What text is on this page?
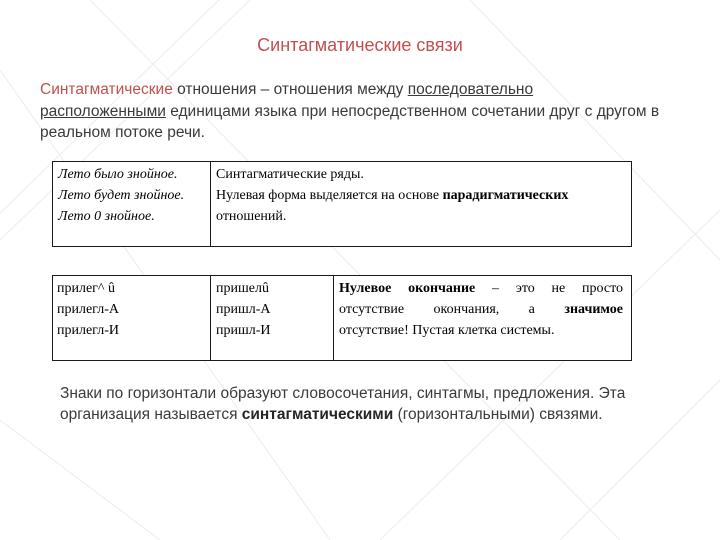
Синтагматические связи
Синтагматические отношения – отношения между последовательно расположенными единицами языка при непосредственном сочетании друг с другом в реальном потоке речи.
Лето было знойное.
Лето будет знойное.
Лето 0 знойное.
Синтагматические ряды.
Нулевая форма выделяется на основе парадигматических
отношений.
прилег^ û
прилегл-А
прилегл-И
пришелû
пришл-А
пришл-И
Нулевое окончание – это не просто
отсутствие окончания, а значимое
отсутствие! Пустая клетка системы.
Знаки по горизонтали образуют словосочетания, синтагмы, предложения. Эта организация называется синтагматическими (горизонтальными) связями.
